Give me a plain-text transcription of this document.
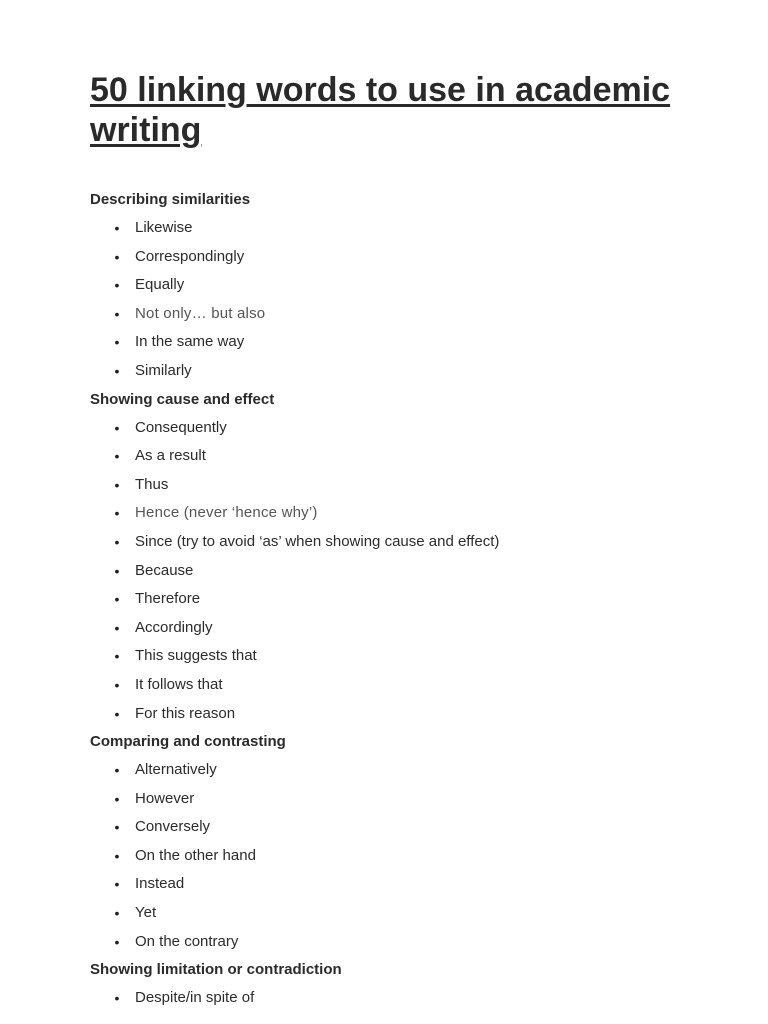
50 linking words to use in academic writing
Describing similarities
• Likewise
• Correspondingly
• Equally
• Not only… but also
• In the same way
• Similarly
Showing cause and effect
• Consequently
• As a result
• Thus
• Hence (never ‘hence why’)
• Since (try to avoid ‘as’ when showing cause and effect)
• Because
• Therefore
• Accordingly
• This suggests that
• It follows that
• For this reason
Comparing and contrasting
• Alternatively
• However
• Conversely
• On the other hand
• Instead
• Yet
• On the contrary
Showing limitation or contradiction
• Despite/in spite of
